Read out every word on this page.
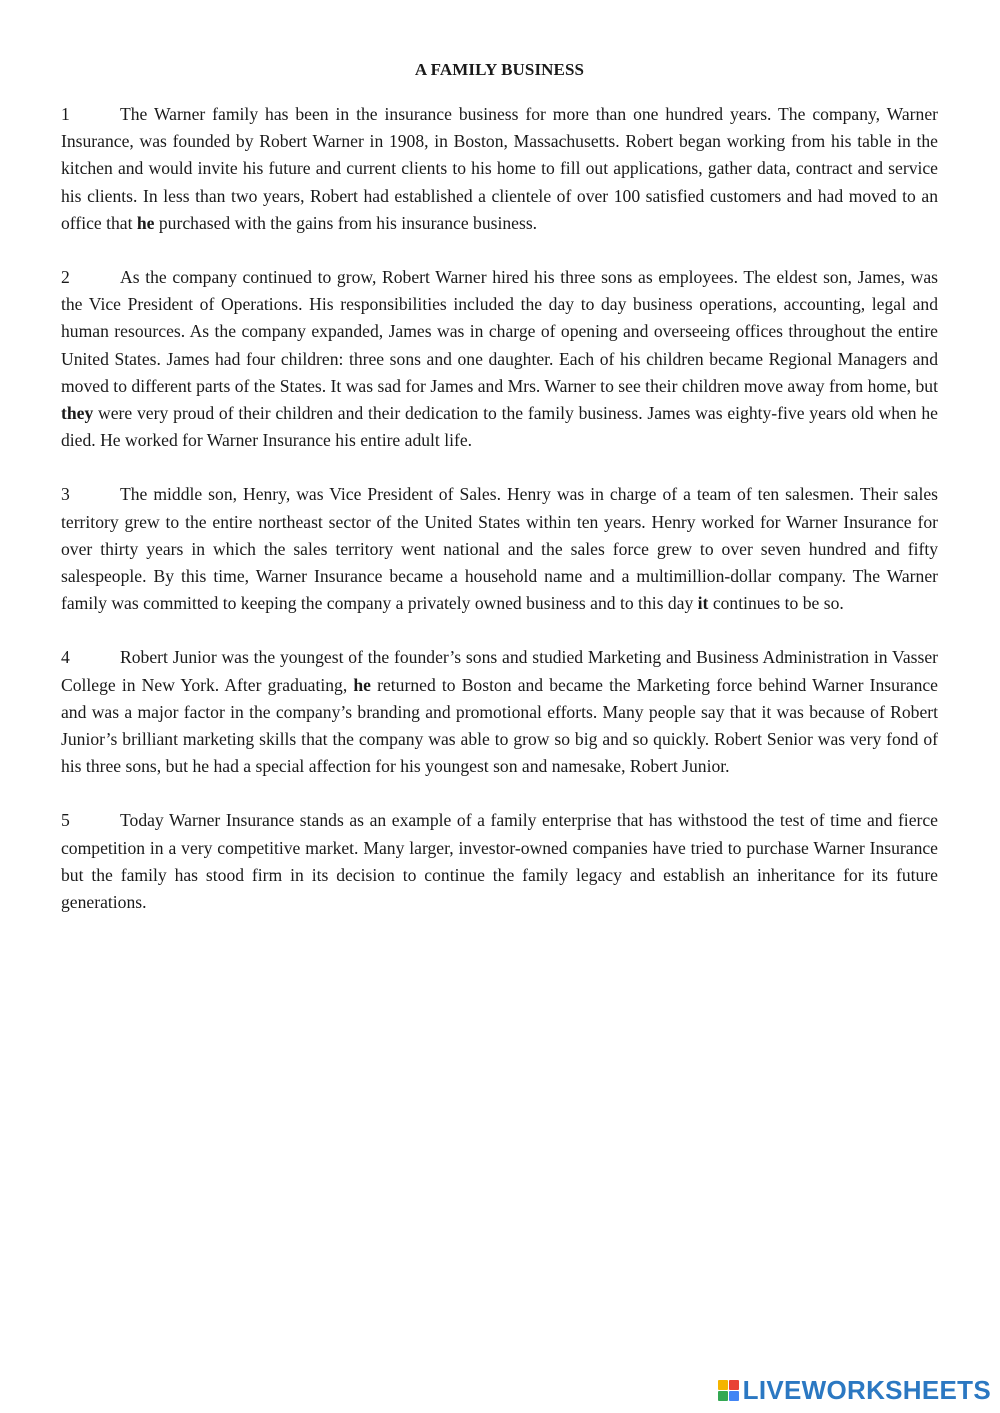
A FAMILY BUSINESS
1	The Warner family has been in the insurance business for more than one hundred years. The company, Warner Insurance, was founded by Robert Warner in 1908, in Boston, Massachusetts. Robert began working from his table in the kitchen and would invite his future and current clients to his home to fill out applications, gather data, contract and service his clients. In less than two years, Robert had established a clientele of over 100 satisfied customers and had moved to an office that he purchased with the gains from his insurance business.
2	As the company continued to grow, Robert Warner hired his three sons as employees. The eldest son, James, was the Vice President of Operations. His responsibilities included the day to day business operations, accounting, legal and human resources. As the company expanded, James was in charge of opening and overseeing offices throughout the entire United States. James had four children: three sons and one daughter. Each of his children became Regional Managers and moved to different parts of the States. It was sad for James and Mrs. Warner to see their children move away from home, but they were very proud of their children and their dedication to the family business. James was eighty-five years old when he died. He worked for Warner Insurance his entire adult life.
3	The middle son, Henry, was Vice President of Sales. Henry was in charge of a team of ten salesmen. Their sales territory grew to the entire northeast sector of the United States within ten years. Henry worked for Warner Insurance for over thirty years in which the sales territory went national and the sales force grew to over seven hundred and fifty salespeople. By this time, Warner Insurance became a household name and a multimillion-dollar company. The Warner family was committed to keeping the company a privately owned business and to this day it continues to be so.
4	Robert Junior was the youngest of the founder’s sons and studied Marketing and Business Administration in Vasser College in New York. After graduating, he returned to Boston and became the Marketing force behind Warner Insurance and was a major factor in the company’s branding and promotional efforts. Many people say that it was because of Robert Junior’s brilliant marketing skills that the company was able to grow so big and so quickly. Robert Senior was very fond of his three sons, but he had a special affection for his youngest son and namesake, Robert Junior.
5	Today Warner Insurance stands as an example of a family enterprise that has withstood the test of time and fierce competition in a very competitive market. Many larger, investor-owned companies have tried to purchase Warner Insurance but the family has stood firm in its decision to continue the family legacy and establish an inheritance for its future generations.
LIVEWORKSHEETS
